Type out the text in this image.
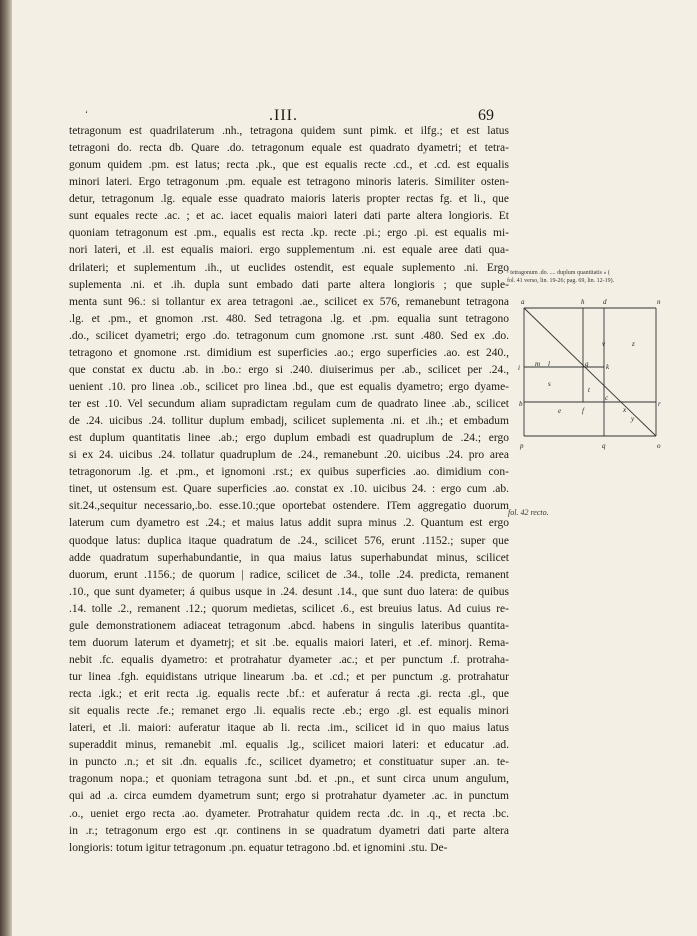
‘	.III.	69
tetragonum est quadrilaterum .nh., tetragona quidem sunt pimk. et ilfg.; et est latus
tetragoni do. recta db. Quare .do. tetragonum equale est quadrato dyametri; et tetra-
gonum quidem .pm. est latus; recta .pk., que est equalis recte .cd., et .cd. est equalis
minori lateri. Ergo tetragonum .pm. equale est tetragono minoris lateris. Similiter osten-
detur, tetragonum .lg. equale esse quadrato maioris lateris propter rectas fg. et li., que
sunt equales recte .ac. ; et ac. iacet equalis maiori lateri dati parte altera longioris. Et
quoniam tetragonum est .pm., equalis est recta .kp. recte .pi.; ergo .pi. est equalis mi-
nori lateri, et .il. est equalis maiori. ergo supplementum .ni. est equale aree dati qua-
drilateri; et suplementum .ih., ut euclides ostendit, est equale suplemento .ni. Ergo
suplementa .ni. et .ih. dupla sunt embado dati parte altera longioris ; que suple-
menta sunt 96.: si tollantur ex area tetragoni .ae., scilicet ex 576, remanebunt tetragona
.lg. et .pm., et gnomon .rst. 480. Sed tetragona .lg. et .pm. equalia sunt tetragono
.do., scilicet dyametri; ergo .do. tetragonum cum gnomone .rst. sunt .480. Sed ex .do.
tetragono et gnomone .rst. dimidium est superficies .ao.; ergo superficies .ao. est 240.,
que constat ex ductu .ab. in .bo.: ergo si .240. diuiserimus per .ab., scilicet per .24.,
uenient .10. pro linea .ob., scilicet pro linea .bd., que est equalis dyametro; ergo dyame-
ter est .10. Vel secundum aliam supradictam regulam cum de quadrato linee .ab., scilicet
de .24. uicibus .24. tollitur duplum embadj, scilicet suplementa .ni. et .ih.; et embadum
est duplum quantitatis linee .ab.; ergo duplum embadi est quadruplum de .24.; ergo
si ex 24. uicibus .24. tollatur quadruplum de .24., remanebunt .20. uicibus .24. pro area
tetragonorum .lg. et .pm., et ignomoni .rst.; ex quibus superficies .ao. dimidium con-
tinet, ut ostensum est. Quare superficies .ao. constat ex .10. uicibus 24. : ergo cum .ab.
sit.24.,sequitur necessario,.bo. esse.10.;que oportebat ostendere. ITem aggregatio duorum
laterum cum dyametro est .24.; et maius latus addit supra minus .2. Quantum est ergo
quodque latus: duplica itaque quadratum de .24., scilicet 576, erunt .1152.; super que
adde quadratum superhabundantie, in qua maius latus superhabundat minus, scilicet
duorum, erunt .1156.; de quorum | radice, scilicet de .34., tolle .24. predicta, remanent
.10., que sunt dyameter; á quibus usque in .24. desunt .14., que sunt duo latera: de quibus
.14. tolle .2., remanent .12.; quorum medietas, scilicet .6., est breuius latus. Ad cuius re-
gule demonstrationem adiaceat tetragonum .abcd. habens in singulis lateribus quantita-
tem duorum laterum et dyametrj; et sit .be. equalis maiori lateri, et .ef. minorj. Rema-
nebit .fc. equalis dyametro: et protrahatur dyameter .ac.; et per punctum .f. protraha-
tur linea .fgh. equidistans utrique linearum .ba. et .cd.; et per punctum .g. protrahatur
recta .igk.; et erit recta .ig. equalis recte .bf.: et auferatur á recta .gi. recta .gl., que
sit equalis recte .fe.; remanet ergo .li. equalis recte .eb.; ergo .gl. est equalis minori
lateri, et .li. maiori: auferatur itaque ab li. recta .im., scilicet id in quo maius latus
superaddit minus, remanebit .ml. equalis .lg., scilicet maiori lateri: et educatur .ad.
in puncto .n.; et sit .dn. equalis .fc., scilicet dyametro; et constituatur super .an. te-
tragonum nopa.; et quoniam tetragona sunt .bd. et .pn., et sunt circa unum angulum,
qui ad .a. circa eumdem dyametrum sunt; ergo si protrahatur dyameter .ac. in punctum
.o., ueniet ergo recta .ao. dyameter. Protrahatur quidem recta .dc. in .q., et recta .bc.
in .r.; tetragonum ergo est .qr. continens in se quadratum dyametri dati parte altera
longioris: totum igitur tetragonum .pn. equatur tetragono .bd. et ignomini .stu. De-
¹ tetragonum .do. .... duplum quantitatis » ( fol. 41 verso, lin. 19-26; pag. 69, lin. 12-19).
a	h	d	n
i m l	g	k
v	z
s
t
b
e	f
c
r
x
y
p	q	o
fol. 42 recto.
